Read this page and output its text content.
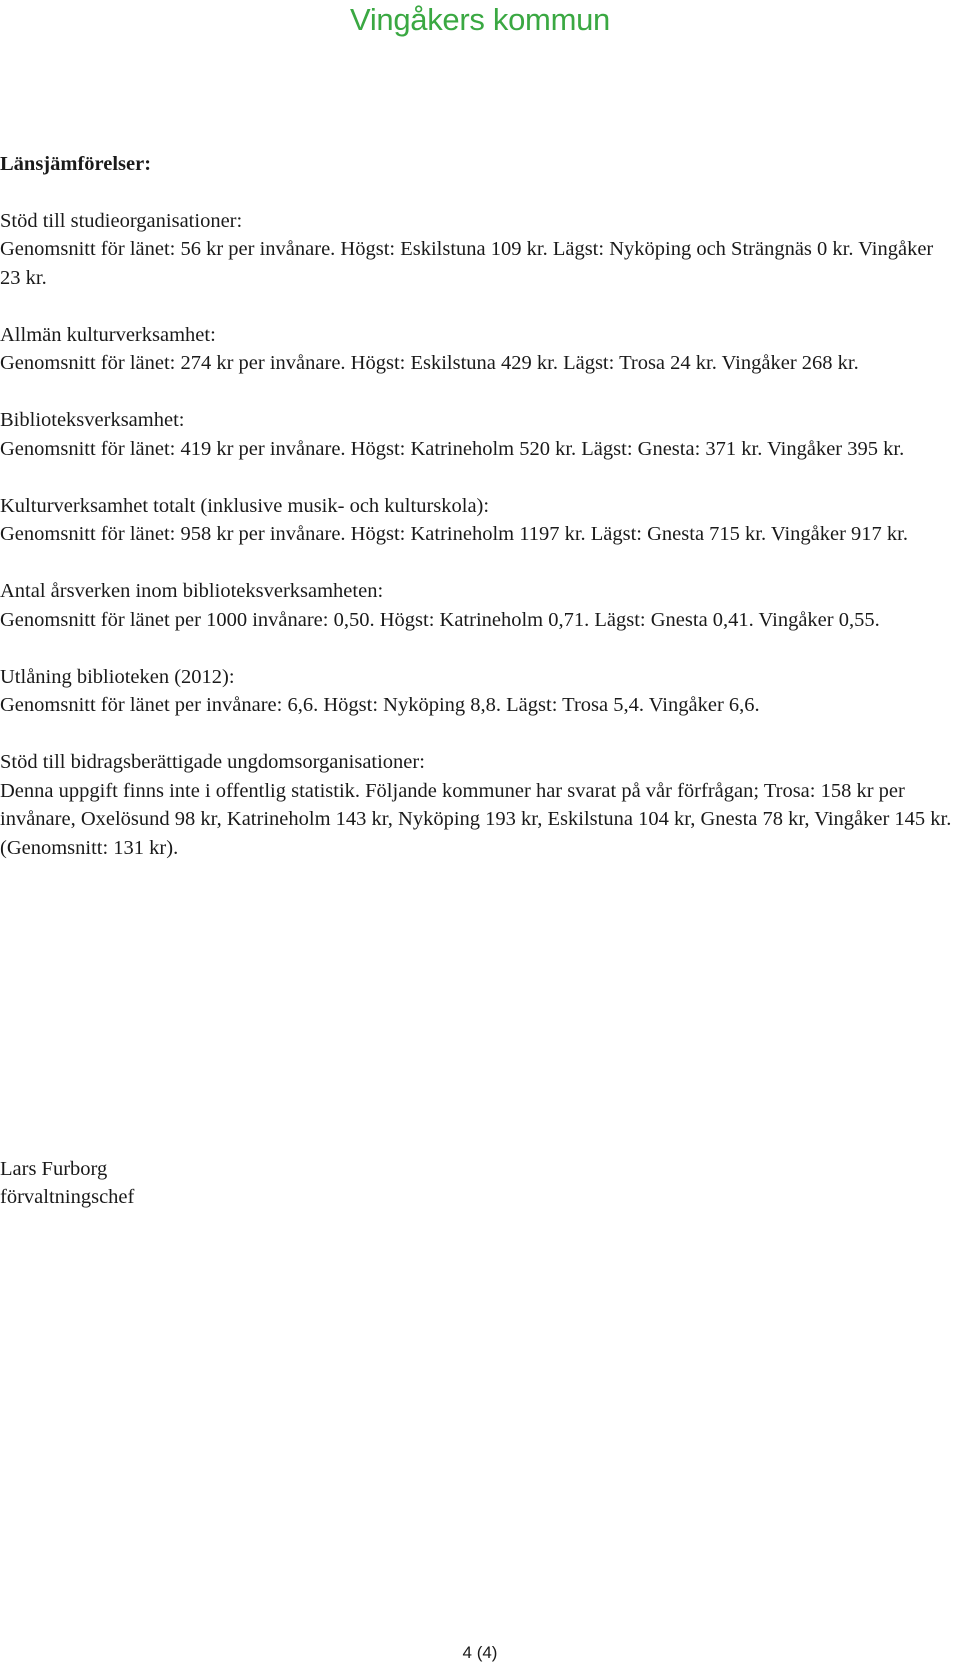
Vingåkers kommun

Länsjämförelser:

Stöd till studieorganisationer:

Genomsnitt för länet: 56 kr per invånare. Högst: Eskilstuna 109 kr. Lägst: Nyköping och Strängnäs 0 kr. Vingåker 23 kr.

Allmän kulturverksamhet:

Genomsnitt för länet: 274 kr per invånare. Högst: Eskilstuna 429 kr. Lägst: Trosa 24 kr. Vingåker 268 kr.

Biblioteksverksamhet:

Genomsnitt för länet: 419 kr per invånare. Högst: Katrineholm 520 kr. Lägst: Gnesta: 371 kr. Vingåker 395 kr.

Kulturverksamhet totalt (inklusive musik- och kulturskola):

Genomsnitt för länet: 958 kr per invånare. Högst: Katrineholm 1197 kr. Lägst: Gnesta 715 kr. Vingåker 917 kr.

Antal årsverken inom biblioteksverksamheten:

Genomsnitt för länet per 1000 invånare: 0,50. Högst: Katrineholm 0,71. Lägst: Gnesta 0,41. Vingåker 0,55.

Utlåning biblioteken (2012):

Genomsnitt för länet per invånare: 6,6. Högst: Nyköping 8,8. Lägst: Trosa 5,4. Vingåker 6,6.

Stöd till bidragsberättigade ungdomsorganisationer:

Denna uppgift finns inte i offentlig statistik. Följande kommuner har svarat på vår förfrågan; Trosa: 158 kr per invånare, Oxelösund 98 kr, Katrineholm 143 kr, Nyköping 193 kr, Eskilstuna 104 kr, Gnesta 78 kr, Vingåker 145 kr. (Genomsnitt: 131 kr).

Lars Furborg

förvaltningschef

4 (4)
